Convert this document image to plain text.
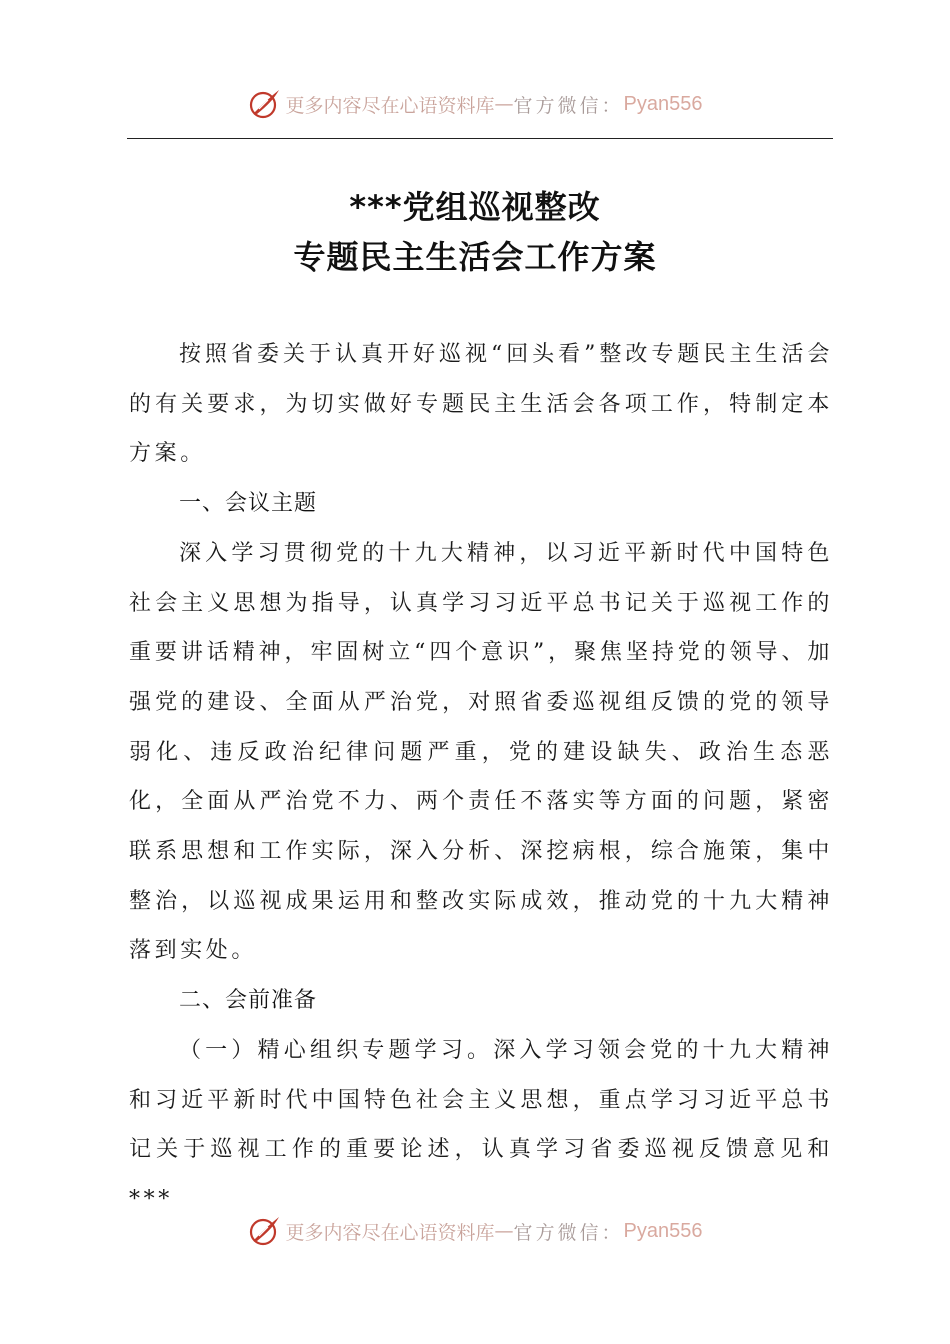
更多内容尽在心语资料库 — 官方微信： Pyan556
***党组巡视整改
专题民主生活会工作方案

按照省委关于认真开好巡视“回头看”整改专题民主生活会的有关要求，为切实做好专题民主生活会各项工作，特制定本方案。

一、会议主题

深入学习贯彻党的十九大精神，以习近平新时代中国特色社会主义思想为指导，认真学习习近平总书记关于巡视工作的重要讲话精神，牢固树立“四个意识”，聚焦坚持党的领导、加强党的建设、全面从严治党，对照省委巡视组反馈的党的领导弱化、违反政治纪律问题严重，党的建设缺失、政治生态恶化，全面从严治党不力、两个责任不落实等方面的问题，紧密联系思想和工作实际，深入分析、深挖病根，综合施策，集中整治，以巡视成果运用和整改实际成效，推动党的十九大精神落到实处。

二、会前准备

（一）精心组织专题学习。深入学习领会党的十九大精神和习近平新时代中国特色社会主义思想，重点学习习近平总书记关于巡视工作的重要论述，认真学习省委巡视反馈意见和***

更多内容尽在心语资料库 — 官方微信： Pyan556
